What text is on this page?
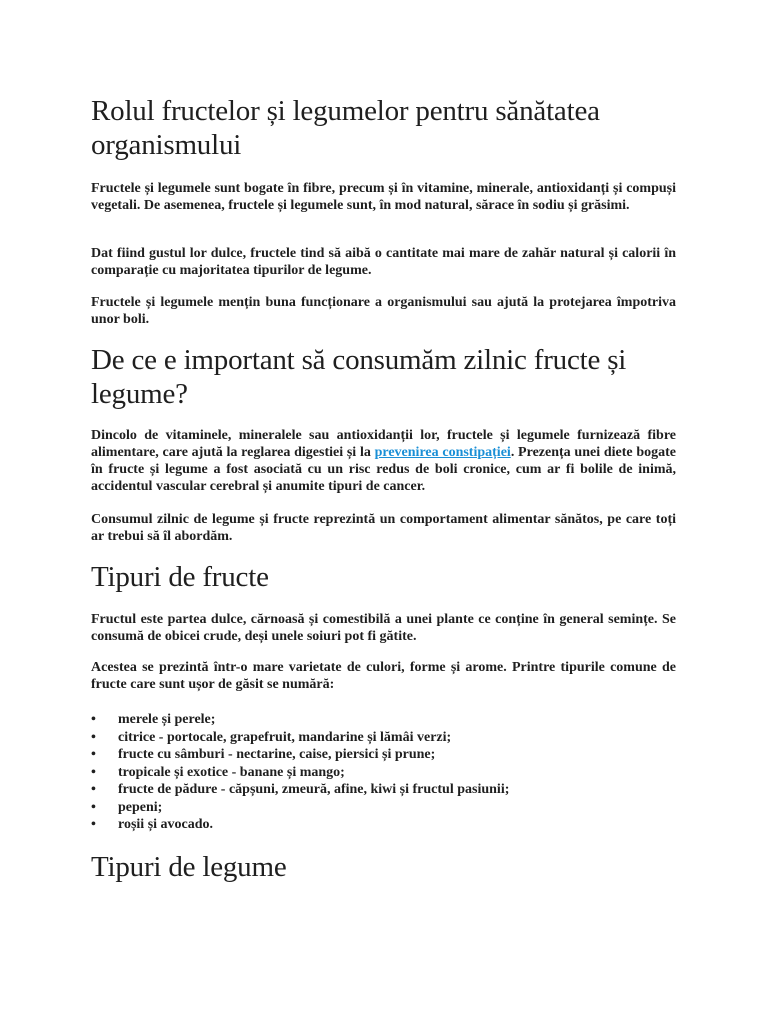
Rolul fructelor și legumelor pentru sănătatea organismului

Fructele și legumele sunt bogate în fibre, precum și în vitamine, minerale, antioxidanți și compuși vegetali. De asemenea, fructele și legumele sunt, în mod natural, sărace în sodiu și grăsimi.

Dat fiind gustul lor dulce, fructele tind să aibă o cantitate mai mare de zahăr natural și calorii în comparație cu majoritatea tipurilor de legume.

Fructele și legumele mențin buna funcționare a organismului sau ajută la protejarea împotriva unor boli.

De ce e important să consumăm zilnic fructe și legume?

Dincolo de vitaminele, mineralele sau antioxidanții lor, fructele și legumele furnizează fibre alimentare, care ajută la reglarea digestiei și la prevenirea constipației. Prezența unei diete bogate în fructe și legume a fost asociată cu un risc redus de boli cronice, cum ar fi bolile de inimă, accidentul vascular cerebral și anumite tipuri de cancer.

Consumul zilnic de legume și fructe reprezintă un comportament alimentar sănătos, pe care toți ar trebui să îl abordăm.

Tipuri de fructe

Fructul este partea dulce, cărnoasă și comestibilă a unei plante ce conține în general semințe. Se consumă de obicei crude, deși unele soiuri pot fi gătite.

Acestea se prezintă într-o mare varietate de culori, forme și arome. Printre tipurile comune de fructe care sunt ușor de găsit se numără:

• merele și perele;
• citrice - portocale, grapefruit, mandarine și lămâi verzi;
• fructe cu sâmburi - nectarine, caise, piersici și prune;
• tropicale și exotice - banane și mango;
• fructe de pădure - căpșuni, zmeură, afine, kiwi și fructul pasiunii;
• pepeni;
• roșii și avocado.
Tipuri de legume
